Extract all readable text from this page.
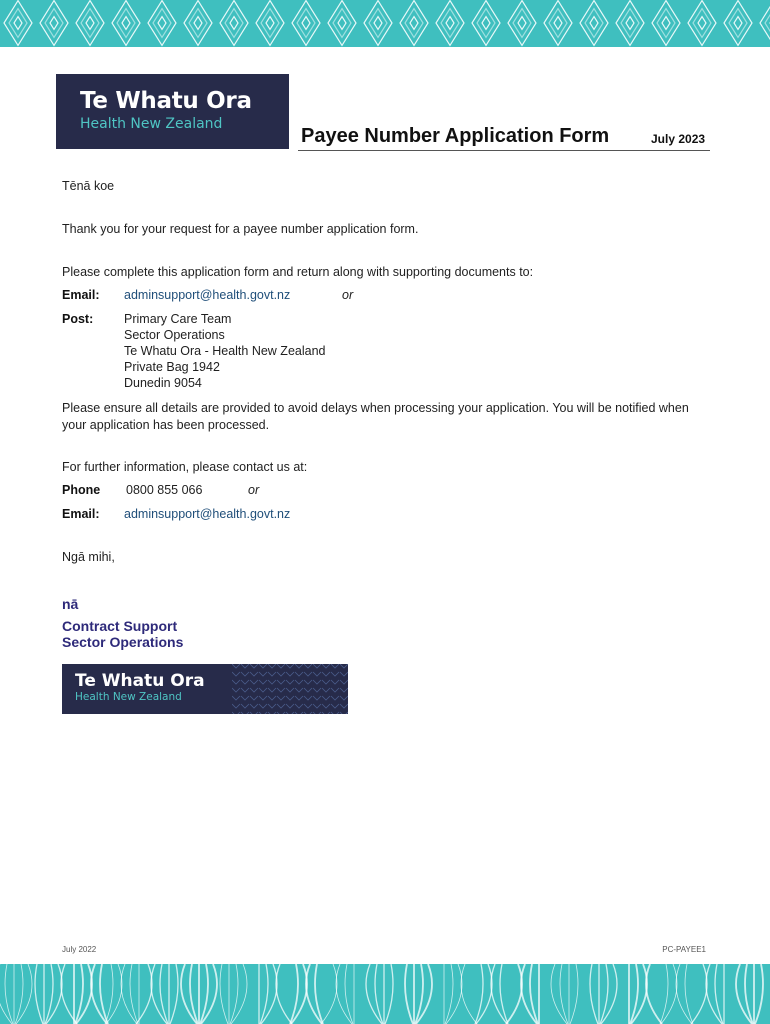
Te Whatu Ora
Health New Zealand
Payee Number Application Form	July 2023
Tēnā koe
Thank you for your request for a payee number application form.
Please complete this application form and return along with supporting documents to:
Email: adminsupport@health.govt.nz	or
Post: Primary Care Team
Sector Operations
Te Whatu Ora - Health New Zealand
Private Bag 1942
Dunedin 9054
Please ensure all details are provided to avoid delays when processing your application. You will be notified when your application has been processed.
For further information, please contact us at:
Phone 0800 855 066	or
Email: adminsupport@health.govt.nz
Ngā mihi,
nā
Contract Support
Sector Operations
Te Whatu Ora
Health New Zealand
July 2022	PC-PAYEE1
